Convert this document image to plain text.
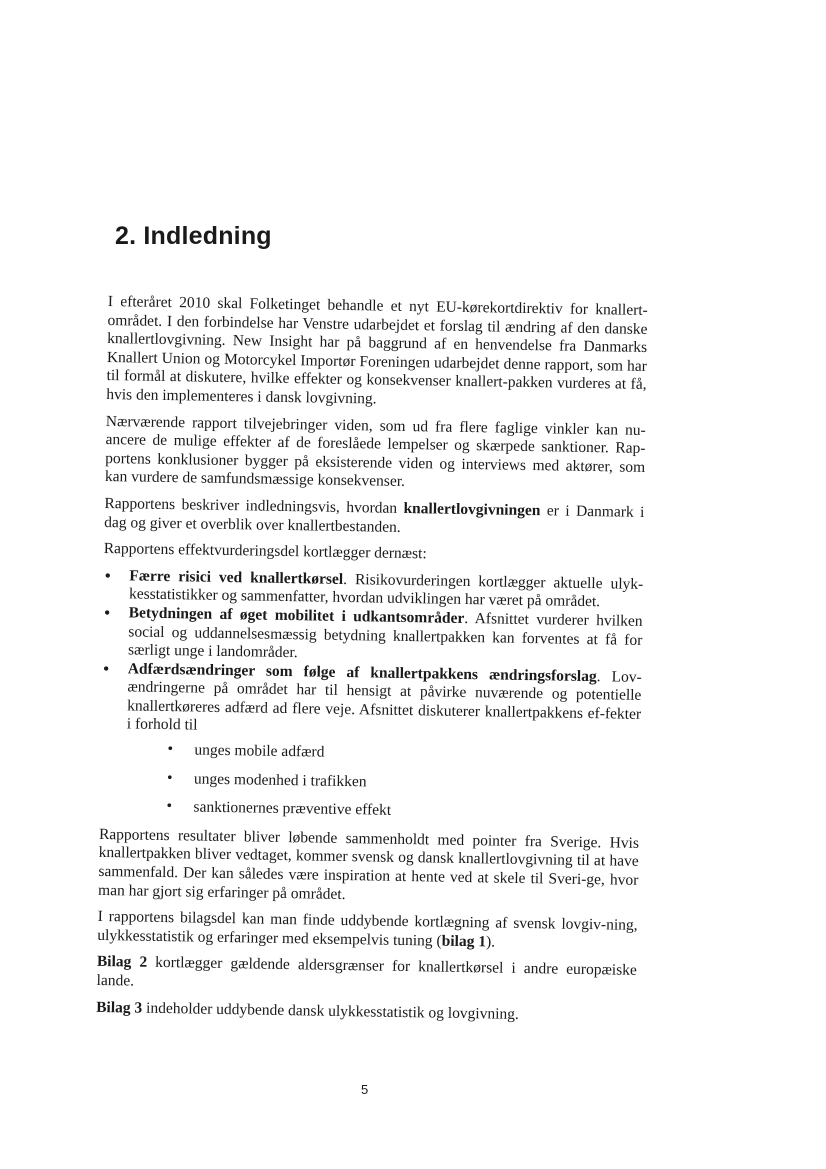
2. Indledning

I efteråret 2010 skal Folketinget behandle et nyt EU-kørekortdirektiv for knallert-området. I den forbindelse har Venstre udarbejdet et forslag til ændring af den danske knallertlovgivning. New Insight har på baggrund af en henvendelse fra Danmarks Knallert Union og Motorcykel Importør Foreningen udarbejdet denne rapport, som har til formål at diskutere, hvilke effekter og konsekvenser knallert-pakken vurderes at få, hvis den implementeres i dansk lovgivning.

Nærværende rapport tilvejebringer viden, som ud fra flere faglige vinkler kan nu-ancere de mulige effekter af de foreslåede lempelser og skærpede sanktioner. Rap-portens konklusioner bygger på eksisterende viden og interviews med aktører, som kan vurdere de samfundsmæssige konsekvenser.

Rapportens beskriver indledningsvis, hvordan knallertlovgivningen er i Danmark i dag og giver et overblik over knallertbestanden.

Rapportens effektvurderingsdel kortlægger dernæst:

• Færre risici ved knallertkørsel. Risikovurderingen kortlægger aktuelle ulyk-kesstatistikker og sammenfatter, hvordan udviklingen har været på området.
• Betydningen af øget mobilitet i udkantsområder. Afsnittet vurderer hvilken social og uddannelsesmæssig betydning knallertpakken kan forventes at få for særligt unge i landområder.
• Adfærdsændringer som følge af knallertpakkens ændringsforslag. Lov-ændringerne på området har til hensigt at påvirke nuværende og potentielle knallertkøreres adfærd ad flere veje. Afsnittet diskuterer knallertpakkens ef-fekter i forhold til
• unges mobile adfærd
• unges modenhed i trafikken
• sanktionernes præventive effekt

Rapportens resultater bliver løbende sammenholdt med pointer fra Sverige. Hvis knallertpakken bliver vedtaget, kommer svensk og dansk knallertlovgivning til at have sammenfald. Der kan således være inspiration at hente ved at skele til Sveri-ge, hvor man har gjort sig erfaringer på området.

I rapportens bilagsdel kan man finde uddybende kortlægning af svensk lovgiv-ning, ulykkesstatistik og erfaringer med eksempelvis tuning (bilag 1).

Bilag 2 kortlægger gældende aldersgrænser for knallertkørsel i andre europæiske lande.

Bilag 3 indeholder uddybende dansk ulykkesstatistik og lovgivning.

5
